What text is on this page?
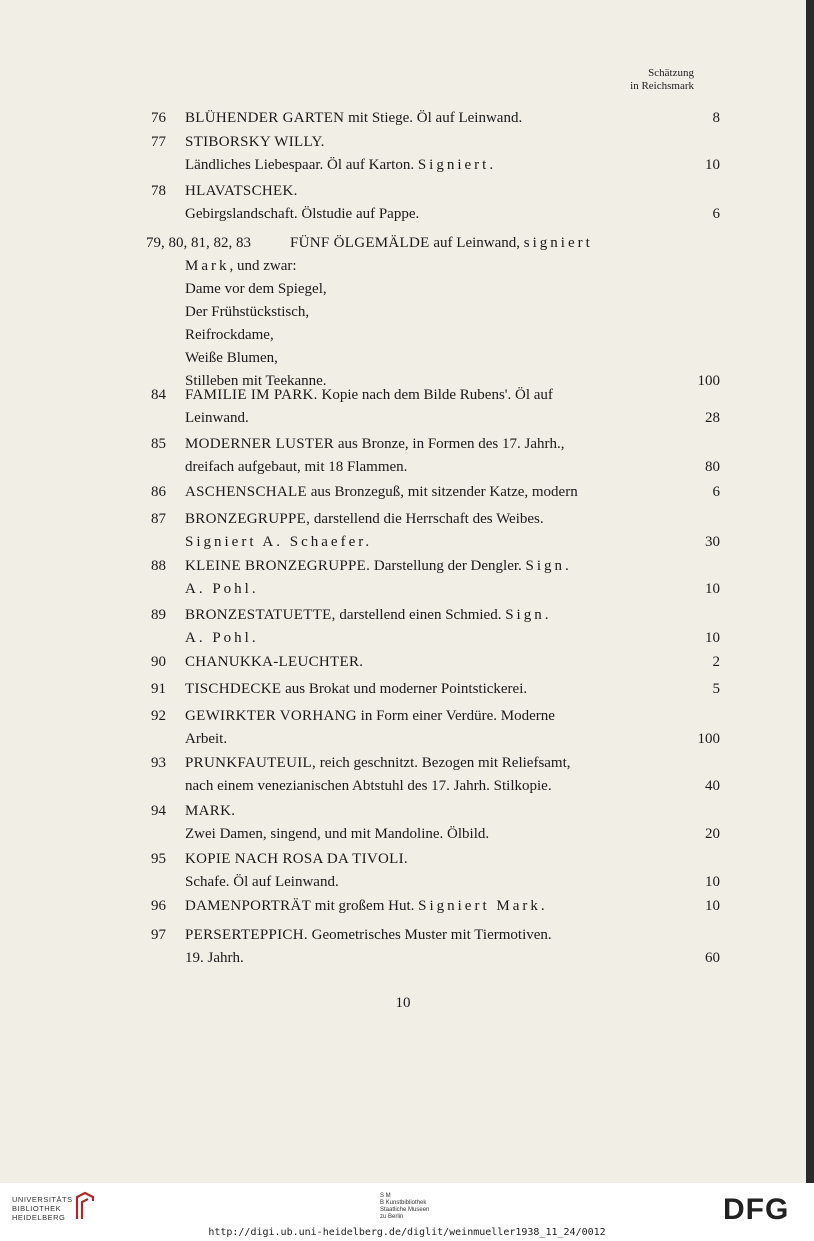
Schätzung
in Reichsmark
76 BLÜHENDER GARTEN mit Stiege. Öl auf Leinwand.	8
77 STIBORSKY WILLY.
Ländliches Liebespaar. Öl auf Karton. Signiert.	10
78 HLAVATSCHEK.
Gebirgslandschaft. Ölstudie auf Pappe.	6
79, 80, 81, 82, 83	FÜNF ÖLGEMÄLDE auf Leinwand, signiert
Mark, und zwar:
Dame vor dem Spiegel,
Der Frühstückstisch,
Reifrockdame,
Weiße Blumen,
Stilleben mit Teekanne.	100
84 FAMILIE IM PARK. Kopie nach dem Bilde Rubens'. Öl auf
Leinwand.	28
85 MODERNER LUSTER aus Bronze, in Formen des 17. Jahrh.,
dreifach aufgebaut, mit 18 Flammen.	80
86 ASCHENSCHALE aus Bronzeguß, mit sitzender Katze, modern	6
87 BRONZEGRUPPE, darstellend die Herrschaft des Weibes.
Signiert A. Schaefer.	30
88 KLEINE BRONZEGRUPPE. Darstellung der Dengler. Sign.
A. Pohl.	10
89 BRONZESTATUETTE, darstellend einen Schmied. Sign.
A. Pohl.	10
90 CHANUKKA-LEUCHTER.	2
91 TISCHDECKE aus Brokat und moderner Pointstickerei.	5
92 GEWIRKTER VORHANG in Form einer Verdüre. Moderne
Arbeit.	100
93 PRUNKFAUTEUIL, reich geschnitzt. Bezogen mit Reliefsamt,
nach einem venezianischen Abtstuhl des 17. Jahrh. Stilkopie.	40
94 MARK.
Zwei Damen, singend, und mit Mandoline. Ölbild.	20
95 KOPIE NACH ROSA DA TIVOLI.
Schafe. Öl auf Leinwand.	10
96 DAMENPORTRÄT mit großem Hut. Signiert Mark.	10
97 PERSERTEPPICH. Geometrisches Muster mit Tiermotiven.
19. Jahrh.	60
10
UNIVERSITÄTS
BIBLIOTHEK
HEIDELBERG
S M
B Kunstbibliothek
Staatliche Museen
zu Berlin	DFG
http://digi.ub.uni-heidelberg.de/diglit/weinmueller1938_11_24/0012
